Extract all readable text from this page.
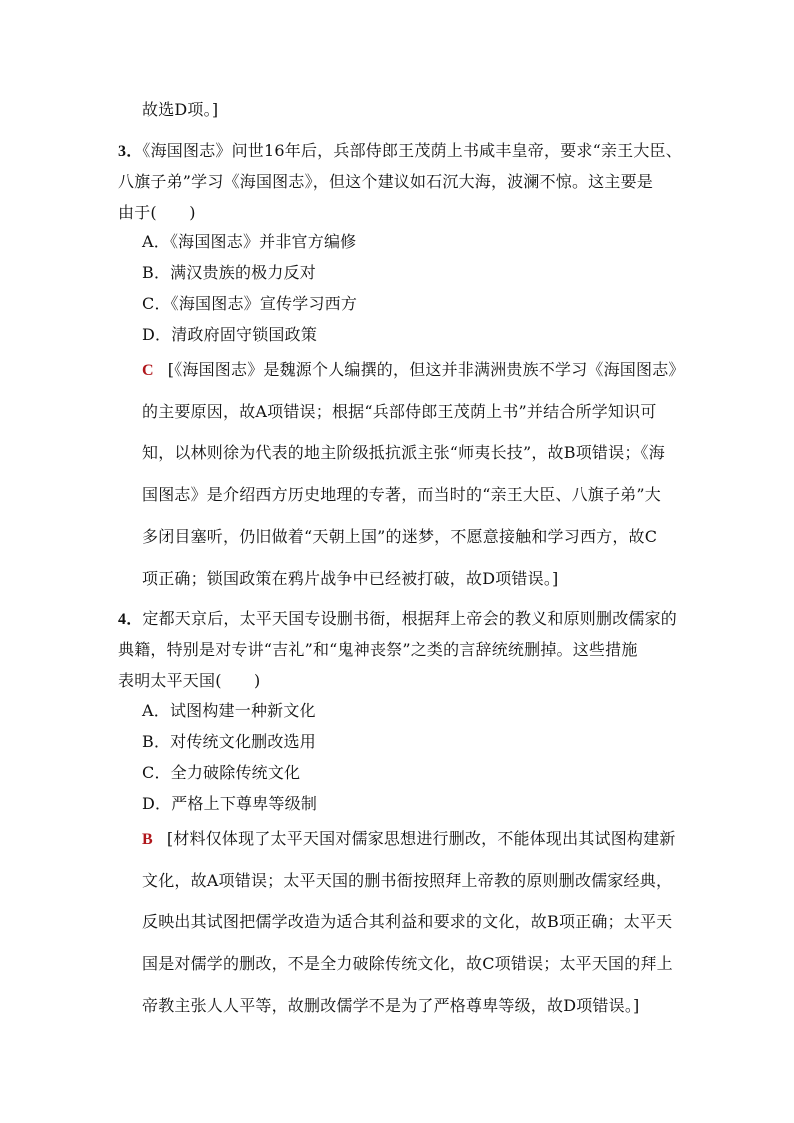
故选D项。]
3．《海国图志》问世16年后，兵部侍郎王茂荫上书咸丰皇帝，要求“亲王大臣、
八旗子弟”学习《海国图志》，但这个建议如石沉大海，波澜不惊。这主要是
由于(　　)
A．《海国图志》并非官方编修
B．满汉贵族的极力反对
C．《海国图志》宣传学习西方
D．清政府固守锁国政策
C [《海国图志》是魏源个人编撰的，但这并非满洲贵族不学习《海国图志》
的主要原因，故A项错误；根据“兵部侍郎王茂荫上书”并结合所学知识可
知，以林则徐为代表的地主阶级抵抗派主张“师夷长技”，故B项错误；《海
国图志》是介绍西方历史地理的专著，而当时的“亲王大臣、八旗子弟”大
多闭目塞听，仍旧做着“天朝上国”的迷梦，不愿意接触和学习西方，故C
项正确；锁国政策在鸦片战争中已经被打破，故D项错误。]
4．定都天京后，太平天国专设删书衙，根据拜上帝会的教义和原则删改儒家的
典籍，特别是对专讲“吉礼”和“鬼神丧祭”之类的言辞统统删掉。这些措施
表明太平天国(　　)
A．试图构建一种新文化
B．对传统文化删改选用
C．全力破除传统文化
D．严格上下尊卑等级制
B [材料仅体现了太平天国对儒家思想进行删改，不能体现出其试图构建新
文化，故A项错误；太平天国的删书衙按照拜上帝教的原则删改儒家经典，
反映出其试图把儒学改造为适合其利益和要求的文化，故B项正确；太平天
国是对儒学的删改，不是全力破除传统文化，故C项错误；太平天国的拜上
帝教主张人人平等，故删改儒学不是为了严格尊卑等级，故D项错误。]
